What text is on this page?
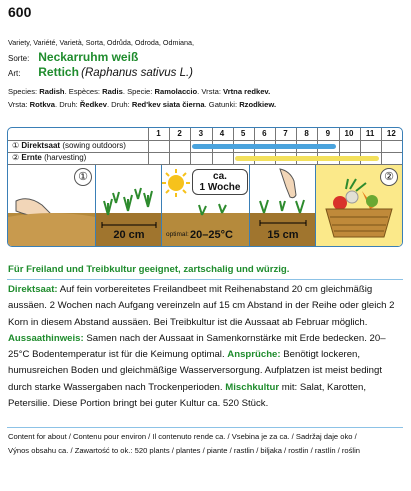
600
Variety, Variété, Varietà, Sorta, Odrůda, Odroda, Odmiana,
Sorte: Neckarruhm weiß
Art: Rettich (Raphanus sativus L.)
Species: Radish. Espèces: Radis. Specie: Ramolaccio. Vrsta: Vrtna redkev.
Vrsta: Rotkva. Druh: Ředkev. Druh: Red'kev siata čierna. Gatunki: Rzodkiew.
1	2	3	4	5	6	7	8	9	10	11	12
① Direktsaat (sowing outdoors)
② Ernte (harvesting)
①
20 cm
ca.
1 Woche
optimal: 20–25°C	15 cm
②
Für Freiland und Treibkultur geeignet, zartschalig und würzig.
Direktsaat: Auf fein vorbereitetes Freilandbeet mit Reihenabstand 20 cm gleichmäßig aussäen. 2 Wochen nach Aufgang vereinzeln auf 15 cm Abstand in der Reihe oder gleich 2 Korn in diesem Abstand aussäen. Bei Treibkultur ist die Aussaat ab Februar möglich. Aussaathinweis: Samen nach der Aussaat in Samenkornstärke mit Erde bedecken. 20–25°C Bodentemperatur ist für die Keimung optimal. Ansprüche: Benötigt lockeren, humusreichen Boden und gleichmäßige Wasserversorgung. Aufplatzen ist meist bedingt durch starke Wassergaben nach Trockenperioden. Mischkultur mit: Salat, Karotten, Petersilie. Diese Portion bringt bei guter Kultur ca. 520 Stück.
Content for about / Contenu pour environ / Il contenuto rende ca. / Vsebina je za ca. / Sadržaj daje oko /
Výnos obsahu ca. / Zawartość to ok.: 520 plants / plantes / piante / rastlin / biljaka / rostlin / rastlín / roślin
